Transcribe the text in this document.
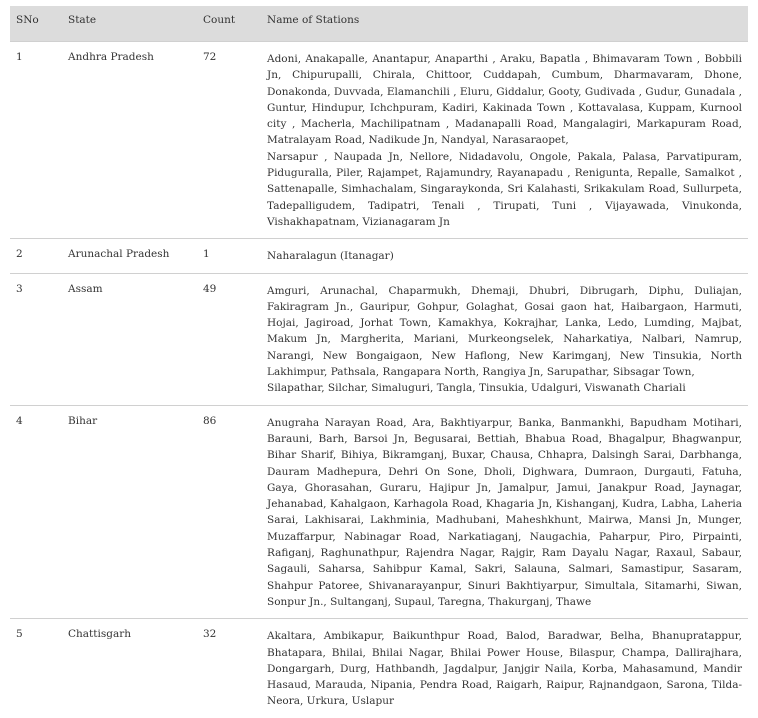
SNo	State	Count	Name of Stations
1	Andhra Pradesh	72	Adoni, Anakapalle, Anantapur, Anaparthi , Araku, Bapatla , Bhimavaram Town , Bobbili Jn, Chipurupalli, Chirala, Chittoor, Cuddapah, Cumbum, Dharmavaram, Dhone, Donakonda, Duvvada, Elamanchili , Eluru, Giddalur, Gooty, Gudivada , Gudur, Gunadala , Guntur, Hindupur, Ichchpuram, Kadiri, Kakinada Town , Kottavalasa, Kuppam, Kurnool city , Macherla, Machilipatnam , Madanapalli Road, Mangalagiri, Markapuram Road, Matralayam Road, Nadikude Jn, Nandyal, Narasaraopet,
Narsapur , Naupada Jn, Nellore, Nidadavolu, Ongole, Pakala, Palasa, Parvatipuram, Piduguralla, Piler, Rajampet, Rajamundry, Rayanapadu , Renigunta, Repalle, Samalkot , Sattenapalle, Simhachalam, Singaraykonda, Sri Kalahasti, Srikakulam Road, Sullurpeta, Tadepalligudem, Tadipatri, Tenali , Tirupati, Tuni , Vijayawada, Vinukonda, Vishakhapatnam, Vizianagaram Jn

2	Arunachal Pradesh	1	Naharalagun (Itanagar)

3	Assam	49	Amguri, Arunachal, Chaparmukh, Dhemaji, Dhubri, Dibrugarh, Diphu, Duliajan, Fakiragram Jn., Gauripur, Gohpur, Golaghat, Gosai gaon hat, Haibargaon, Harmuti, Hojai, Jagiroad, Jorhat Town, Kamakhya, Kokrajhar, Lanka, Ledo, Lumding, Majbat, Makum Jn, Margherita, Mariani, Murkeongselek, Naharkatiya, Nalbari, Namrup, Narangi, New Bongaigaon, New Haflong, New Karimganj, New Tinsukia, North Lakhimpur, Pathsala, Rangapara North, Rangiya Jn, Sarupathar, Sibsagar Town,
Silapathar, Silchar, Simaluguri, Tangla, Tinsukia, Udalguri, Viswanath Chariali

4	Bihar	86	Anugraha Narayan Road, Ara, Bakhtiyarpur, Banka, Banmankhi, Bapudham Motihari, Barauni, Barh, Barsoi Jn, Begusarai, Bettiah, Bhabua Road, Bhagalpur, Bhagwanpur, Bihar Sharif, Bihiya, Bikramganj, Buxar, Chausa, Chhapra, Dalsingh Sarai, Darbhanga, Dauram Madhepura, Dehri On Sone, Dholi, Dighwara, Dumraon, Durgauti, Fatuha, Gaya, Ghorasahan, Guraru, Hajipur Jn, Jamalpur, Jamui, Janakpur Road, Jaynagar, Jehanabad, Kahalgaon, Karhagola Road, Khagaria Jn, Kishanganj, Kudra, Labha, Laheria Sarai, Lakhisarai, Lakhminia, Madhubani, Maheshkhunt, Mairwa, Mansi Jn, Munger, Muzaffarpur, Nabinagar Road, Narkatiaganj, Naugachia, Paharpur, Piro, Pirpainti, Rafiganj, Raghunathpur, Rajendra Nagar, Rajgir, Ram Dayalu Nagar, Raxaul, Sabaur, Sagauli, Saharsa, Sahibpur Kamal, Sakri, Salauna, Salmari, Samastipur, Sasaram, Shahpur Patoree, Shivanarayanpur, Sinuri Bakhtiyarpur, Simultala, Sitamarhi, Siwan, Sonpur Jn., Sultanganj, Supaul, Taregna, Thakurganj, Thawe

5	Chattisgarh	32	Akaltara, Ambikapur, Baikunthpur Road, Balod, Baradwar, Belha, Bhanupratappur, Bhatapara, Bhilai, Bhilai Nagar, Bhilai Power House, Bilaspur, Champa, Dallirajhara, Dongargarh, Durg, Hathbandh, Jagdalpur, Janjgir Naila, Korba, Mahasamund, Mandir Hasaud, Marauda, Nipania, Pendra Road, Raigarh, Raipur, Rajnandgaon, Sarona, Tilda-Neora, Urkura, Uslapur
